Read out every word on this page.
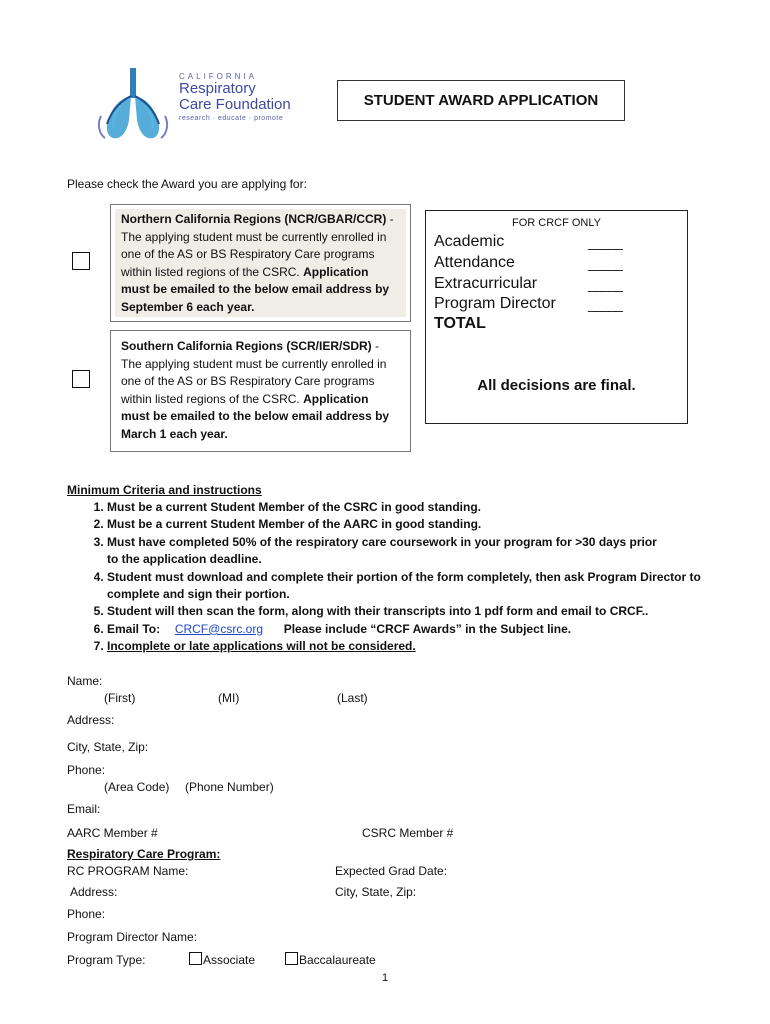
CALIFORNIA
Respiratory
Care Foundation
research · educate · promote
STUDENT AWARD APPLICATION
Please check the Award you are applying for:
Northern California Regions (NCR/GBAR/CCR) - The applying student must be currently enrolled in one of the AS or BS Respiratory Care programs within listed regions of the CSRC. Application must be emailed to the below email address by September 6 each year.
Southern California Regions (SCR/IER/SDR) - The applying student must be currently enrolled in one of the AS or BS Respiratory Care programs within listed regions of the CSRC. Application must be emailed to the below email address by March 1 each year.
FOR CRCF ONLY
Academic	_____
Attendance	_____
Extracurricular	_____
Program Director _____
TOTAL
All decisions are final.
Minimum Criteria and instructions
1. Must be a current Student Member of the CSRC in good standing.
2. Must be a current Student Member of the AARC in good standing.
3. Must have completed 50% of the respiratory care coursework in your program for >30 days prior to the application deadline.
4. Student must download and complete their portion of the form completely, then ask Program Director to complete and sign their portion.
5. Student will then scan the form, along with their transcripts into 1 pdf form and email to CRCF..
6. Email To: CRCF@csrc.org Please include “CRCF Awards” in the Subject line.
7. Incomplete or late applications will not be considered.
Name:
(First)	(MI)	(Last)
Address:
City, State, Zip:
Phone:
(Area Code) (Phone Number)
Email:
AARC Member #	CSRC Member #
Respiratory Care Program:
RC PROGRAM Name:	Expected Grad Date:
Address:	City, State, Zip:
Phone:
Program Director Name:
Program Type:	Associate	Baccalaureate
1
